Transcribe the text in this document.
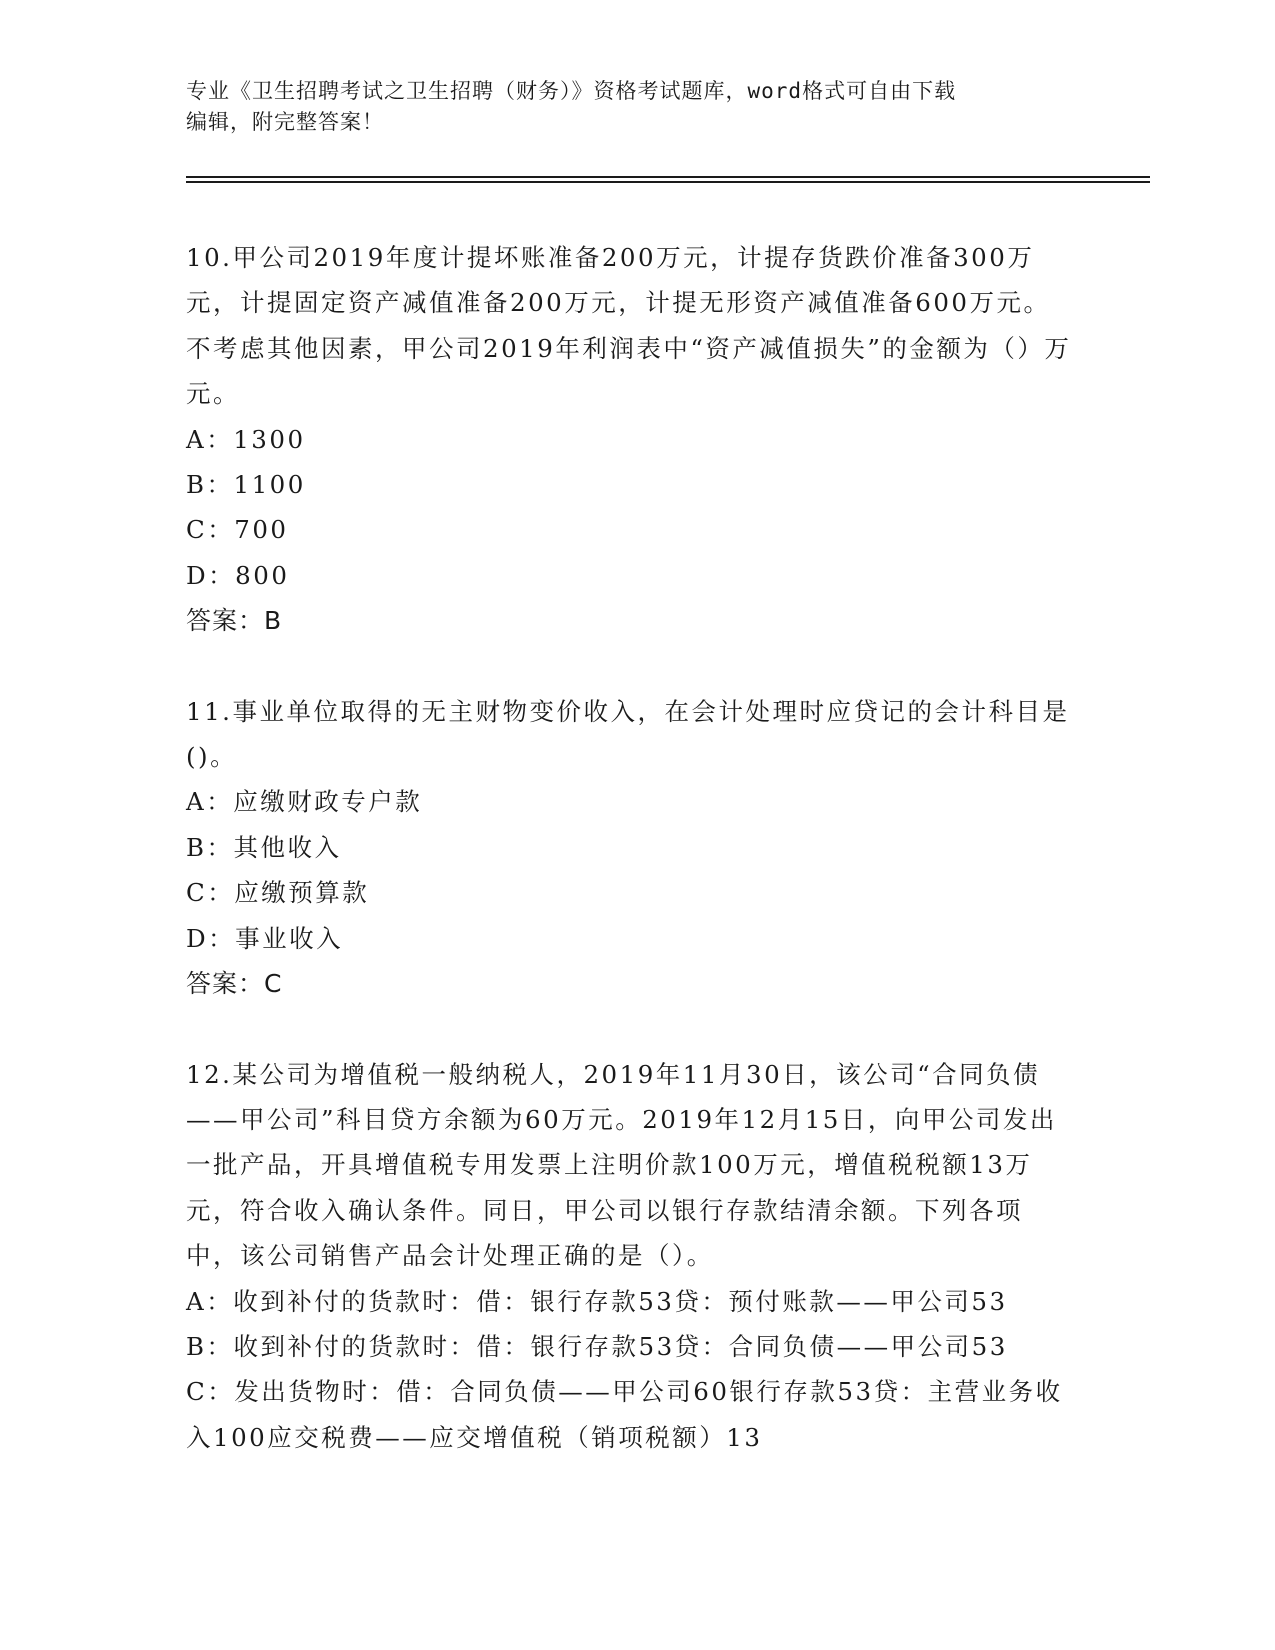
专业《卫生招聘考试之卫生招聘（财务）》资格考试题库，word格式可自由下载
编辑，附完整答案！

10.甲公司2019年度计提坏账准备200万元，计提存货跌价准备300万元，计提固定资产减值准备200万元，计提无形资产减值准备600万元。不考虑其他因素，甲公司2019年利润表中“资产减值损失”的金额为（）万元。

A：1300

B：1100

C：700

D：800

答案：B

11.事业单位取得的无主财物变价收入，在会计处理时应贷记的会计科目是()。

A：应缴财政专户款

B：其他收入

C：应缴预算款

D：事业收入

答案：C

12.某公司为增值税一般纳税人，2019年11月30日，该公司“合同负债——甲公司”科目贷方余额为60万元。2019年12月15日，向甲公司发出一批产品，开具增值税专用发票上注明价款100万元，增值税税额13万元，符合收入确认条件。同日，甲公司以银行存款结清余额。下列各项中，该公司销售产品会计处理正确的是（）。

A：收到补付的货款时：借：银行存款53贷：预付账款——甲公司53

B：收到补付的货款时：借：银行存款53贷：合同负债——甲公司53

C：发出货物时：借：合同负债——甲公司60银行存款53贷：主营业务收入100应交税费——应交增值税（销项税额）13
